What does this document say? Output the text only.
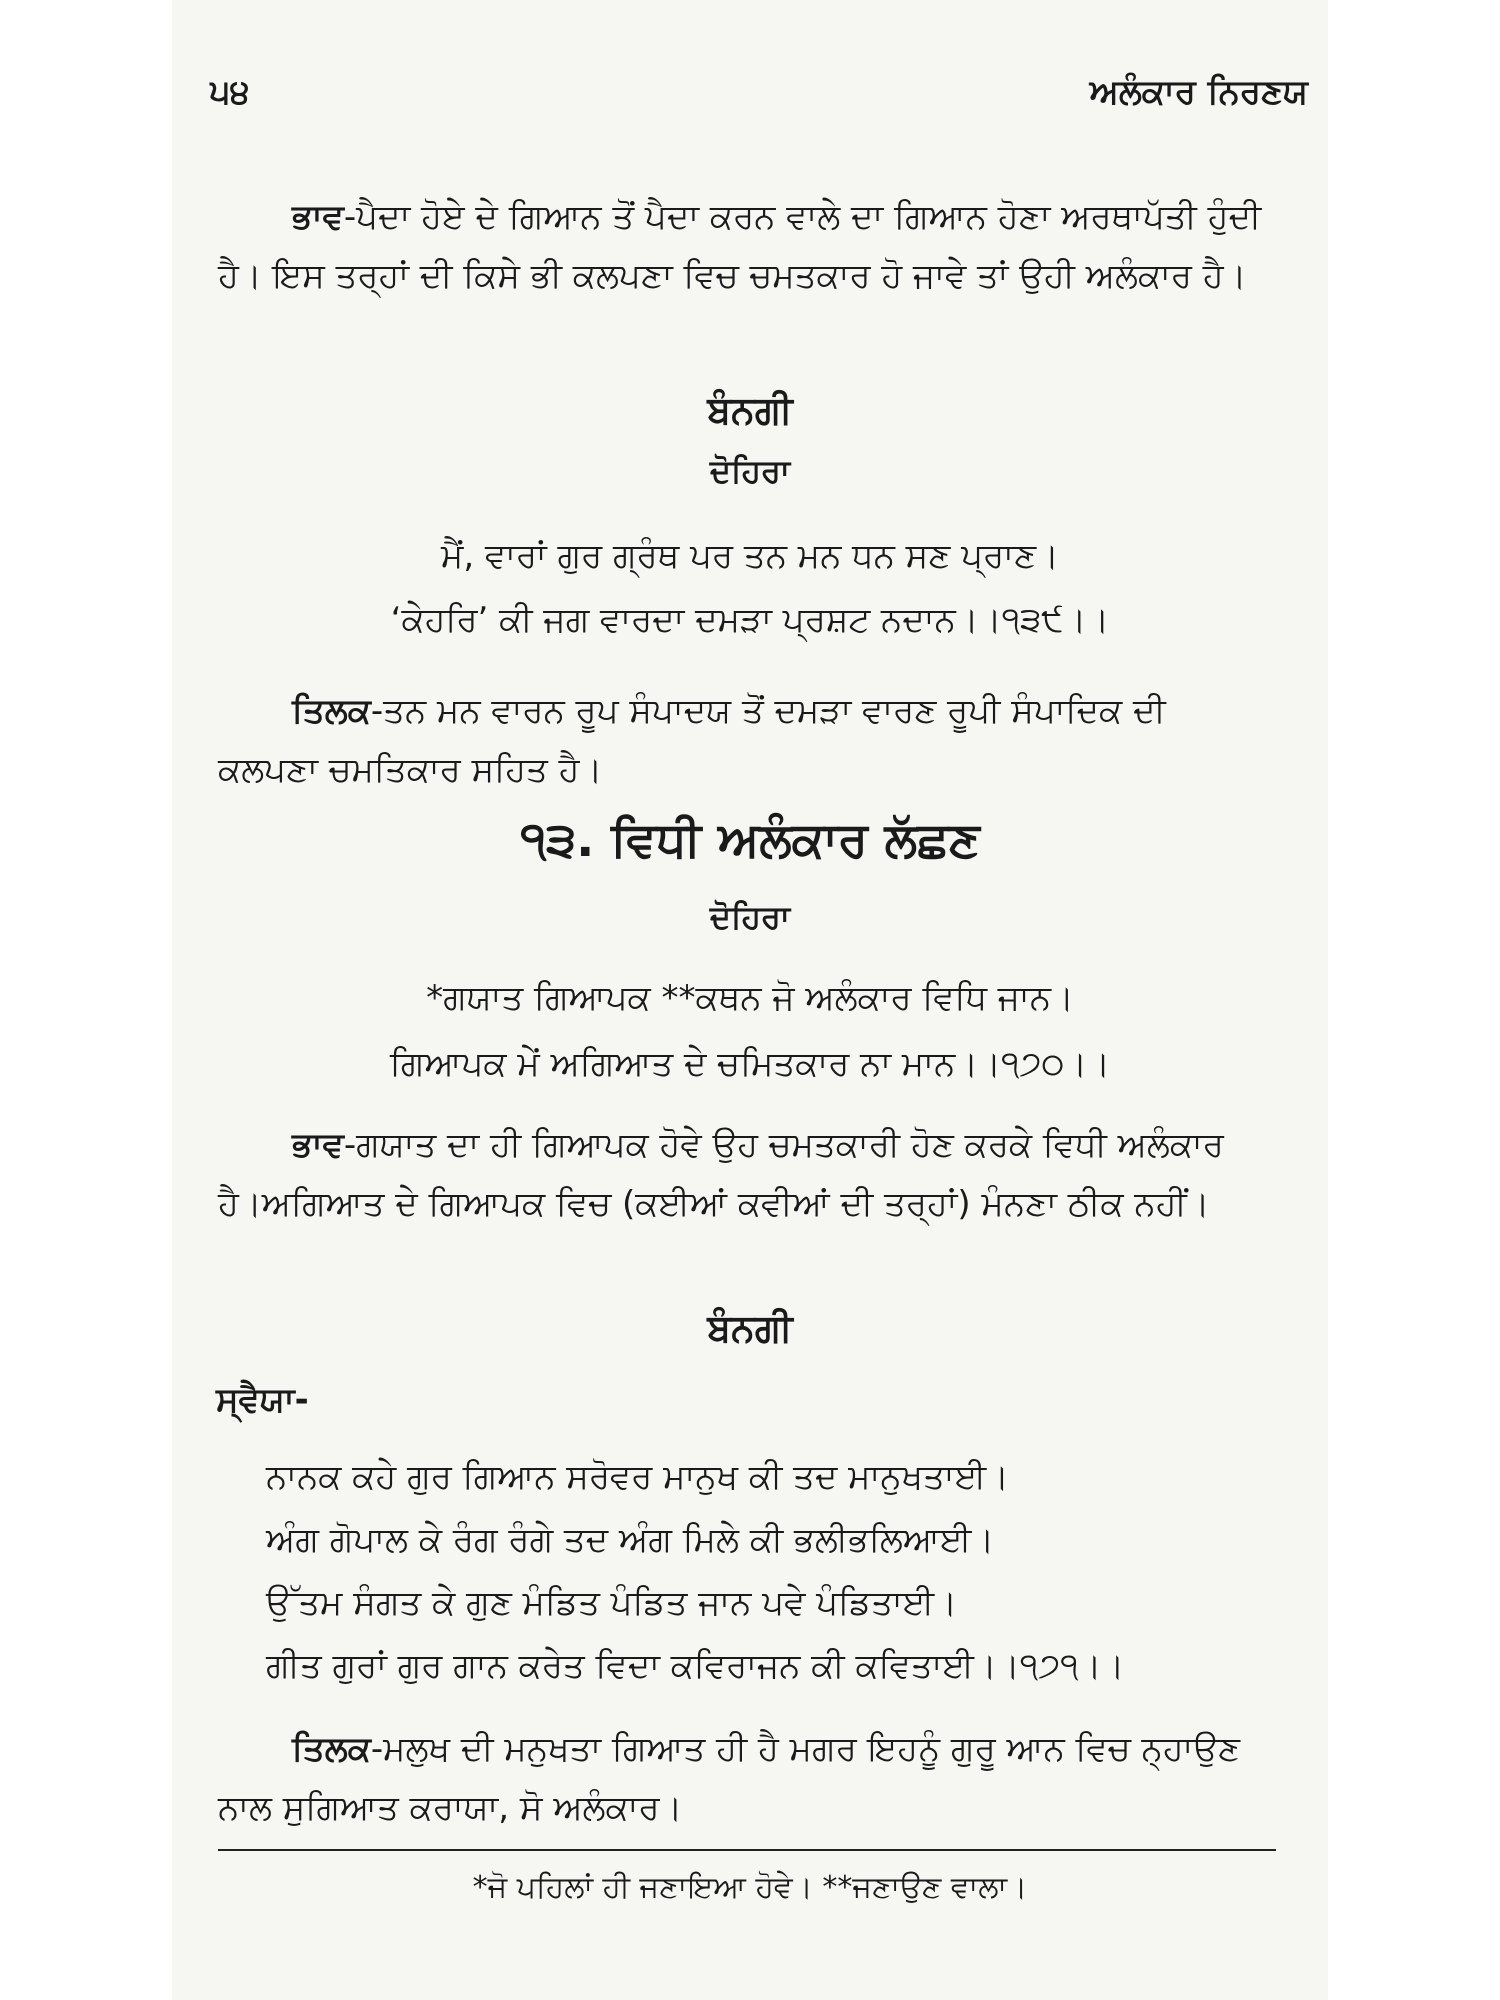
੫੪	ਅਲੰਕਾਰ ਨਿਰਣਯ

ਭਾਵ-ਪੈਦਾ ਹੋਏ ਦੇ ਗਿਆਨ ਤੋਂ ਪੈਦਾ ਕਰਨ ਵਾਲੇ ਦਾ ਗਿਆਨ ਹੋਣਾ ਅਰਥਾਪੱਤੀ ਹੁੰਦੀ ਹੈ। ਇਸ ਤਰ੍ਹਾਂ ਦੀ ਕਿਸੇ ਭੀ ਕਲਪਣਾ ਵਿਚ ਚਮਤਕਾਰ ਹੋ ਜਾਵੇ ਤਾਂ ਉਹੀ ਅਲੰਕਾਰ ਹੈ।

ਬੰਨਗੀ
ਦੋਹਿਰਾ
ਮੈਂ, ਵਾਰਾਂ ਗੁਰ ਗ੍ਰੰਥ ਪਰ ਤਨ ਮਨ ਧਨ ਸਣ ਪ੍ਰਾਣ।
‘ਕੇਹਰਿ’ ਕੀ ਜਗ ਵਾਰਦਾ ਦਮੜਾ ਪ੍ਰਸ਼ਟ ਨਦਾਨ।।੧੩੯।।

ਤਿਲਕ-ਤਨ ਮਨ ਵਾਰਨ ਰੂਪ ਸੰਪਾਦਯ ਤੋਂ ਦਮੜਾ ਵਾਰਣ ਰੂਪੀ ਸੰਪਾਦਿਕ ਦੀ ਕਲਪਣਾ ਚਮਤਿਕਾਰ ਸਹਿਤ ਹੈ।

੧੩. ਵਿਧੀ ਅਲੰਕਾਰ ਲੱਛਣ
ਦੋਹਿਰਾ
*ਗਯਾਤ ਗਿਆਪਕ **ਕਥਨ ਜੋ ਅਲੰਕਾਰ ਵਿਧਿ ਜਾਨ।
ਗਿਆਪਕ ਮੇਂ ਅਗਿਆਤ ਦੇ ਚਮਿਤਕਾਰ ਨਾ ਮਾਨ।।੧੭੦।।

ਭਾਵ-ਗਯਾਤ ਦਾ ਹੀ ਗਿਆਪਕ ਹੋਵੇ ਉਹ ਚਮਤਕਾਰੀ ਹੋਣ ਕਰਕੇ ਵਿਧੀ ਅਲੰਕਾਰ ਹੈ।ਅਗਿਆਤ ਦੇ ਗਿਆਪਕ ਵਿਚ (ਕਈਆਂ ਕਵੀਆਂ ਦੀ ਤਰ੍ਹਾਂ) ਮੰਨਣਾ ਠੀਕ ਨਹੀਂ।

ਬੰਨਗੀ
ਸ੍ਵੈਯਾ-
ਨਾਨਕ ਕਹੇ ਗੁਰ ਗਿਆਨ ਸਰੋਵਰ ਮਾਨੁਖ ਕੀ ਤਦ ਮਾਨੁਖਤਾਈ।
ਅੰਗ ਗੋਪਾਲ ਕੇ ਰੰਗ ਰੰਗੇ ਤਦ ਅੰਗ ਮਿਲੇ ਕੀ ਭਲੀਭਲਿਆਈ।
ਉੱਤਮ ਸੰਗਤ ਕੇ ਗੁਣ ਮੰਡਿਤ ਪੰਡਿਤ ਜਾਨ ਪਵੇ ਪੰਡਿਤਾਈ।
ਗੀਤ ਗੁਰਾਂ ਗੁਰ ਗਾਨ ਕਰੇਤ ਵਿਦਾ ਕਵਿਰਾਜਨ ਕੀ ਕਵਿਤਾਈ।।੧੭੧।।

ਤਿਲਕ-ਮਲੁਖ ਦੀ ਮਨੁਖਤਾ ਗਿਆਤ ਹੀ ਹੈ ਮਗਰ ਇਹਨੂੰ ਗੁਰੂ ਆਨ ਵਿਚ ਨ੍ਹਾਉਣ ਨਾਲ ਸੁਗਿਆਤ ਕਰਾਯਾ, ਸੋ ਅਲੰਕਾਰ।

*ਜੋ ਪਹਿਲਾਂ ਹੀ ਜਣਾਇਆ ਹੋਵੇ। **ਜਣਾਉਣ ਵਾਲਾ।
